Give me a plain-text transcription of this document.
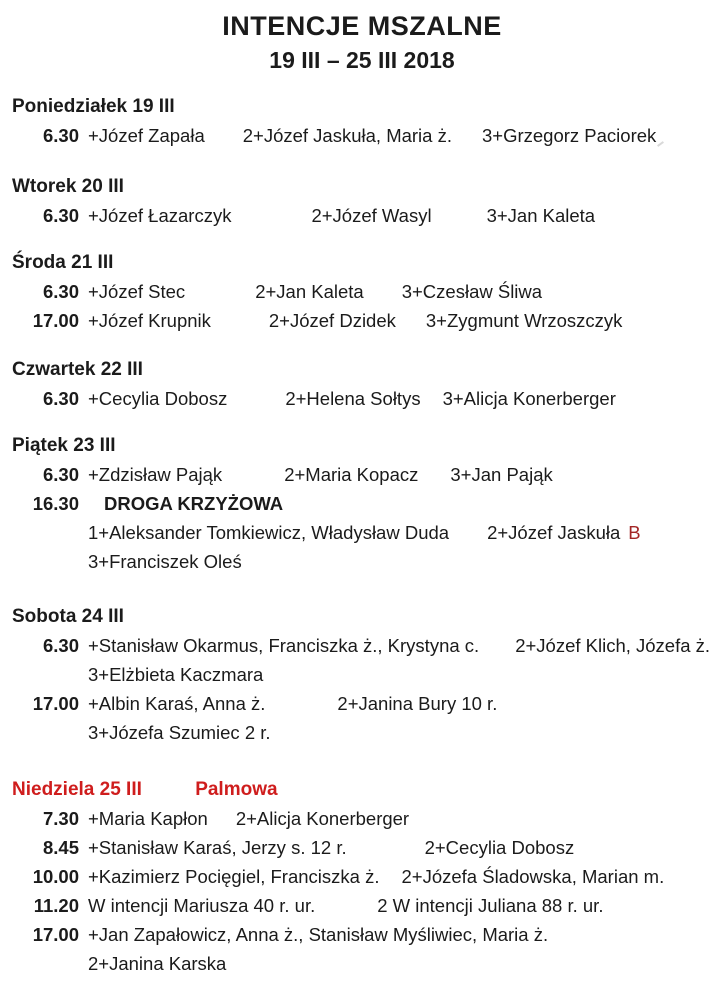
INTENCJE MSZALNE
19 III – 25 III 2018
Poniedziałek 19 III
6.30 +Józef Zapała 2+Józef Jaskuła, Maria ż. 3+Grzegorz Paciorek
Wtorek 20 III
6.30 +Józef Łazarczyk	2+Józef Wasyl	3+Jan Kaleta
Środa 21 III
6.30 +Józef Stec	2+Jan Kaleta 3+Czesław Śliwa
17.00 +Józef Krupnik	2+Józef Dzidek 3+Zygmunt Wrzoszczyk
Czwartek 22 III
6.30 +Cecylia Dobosz	2+Helena Sołtys 3+Alicja Konerberger
Piątek 23 III
6.30 +Zdzisław Pająk	2+Maria Kopacz 3+Jan Pająk
16.30	DROGA KRZYŻOWA
1+Aleksander Tomkiewicz, Władysław Duda 2+Józef Jaskuła B
3+Franciszek Oleś
Sobota 24 III
6.30 +Stanisław Okarmus, Franciszka ż., Krystyna c. 2+Józef Klich, Józefa ż.
3+Elżbieta Kaczmara
17.00 +Albin Karaś, Anna ż.	2+Janina Bury 10 r.
3+Józefa Szumiec 2 r.
Niedziela 25 III	Palmowa
7.30 +Maria Kapłon 2+Alicja Konerberger
8.45 +Stanisław Karaś, Jerzy s. 12 r.	2+Cecylia Dobosz
10.00 +Kazimierz Pocięgiel, Franciszka ż. 2+Józefa Śladowska, Marian m.
11.20 W intencji Mariusza 40 r. ur.	2 W intencji Juliana 88 r. ur.
17.00 +Jan Zapałowicz, Anna ż., Stanisław Myśliwiec, Maria ż.
2+Janina Karska
